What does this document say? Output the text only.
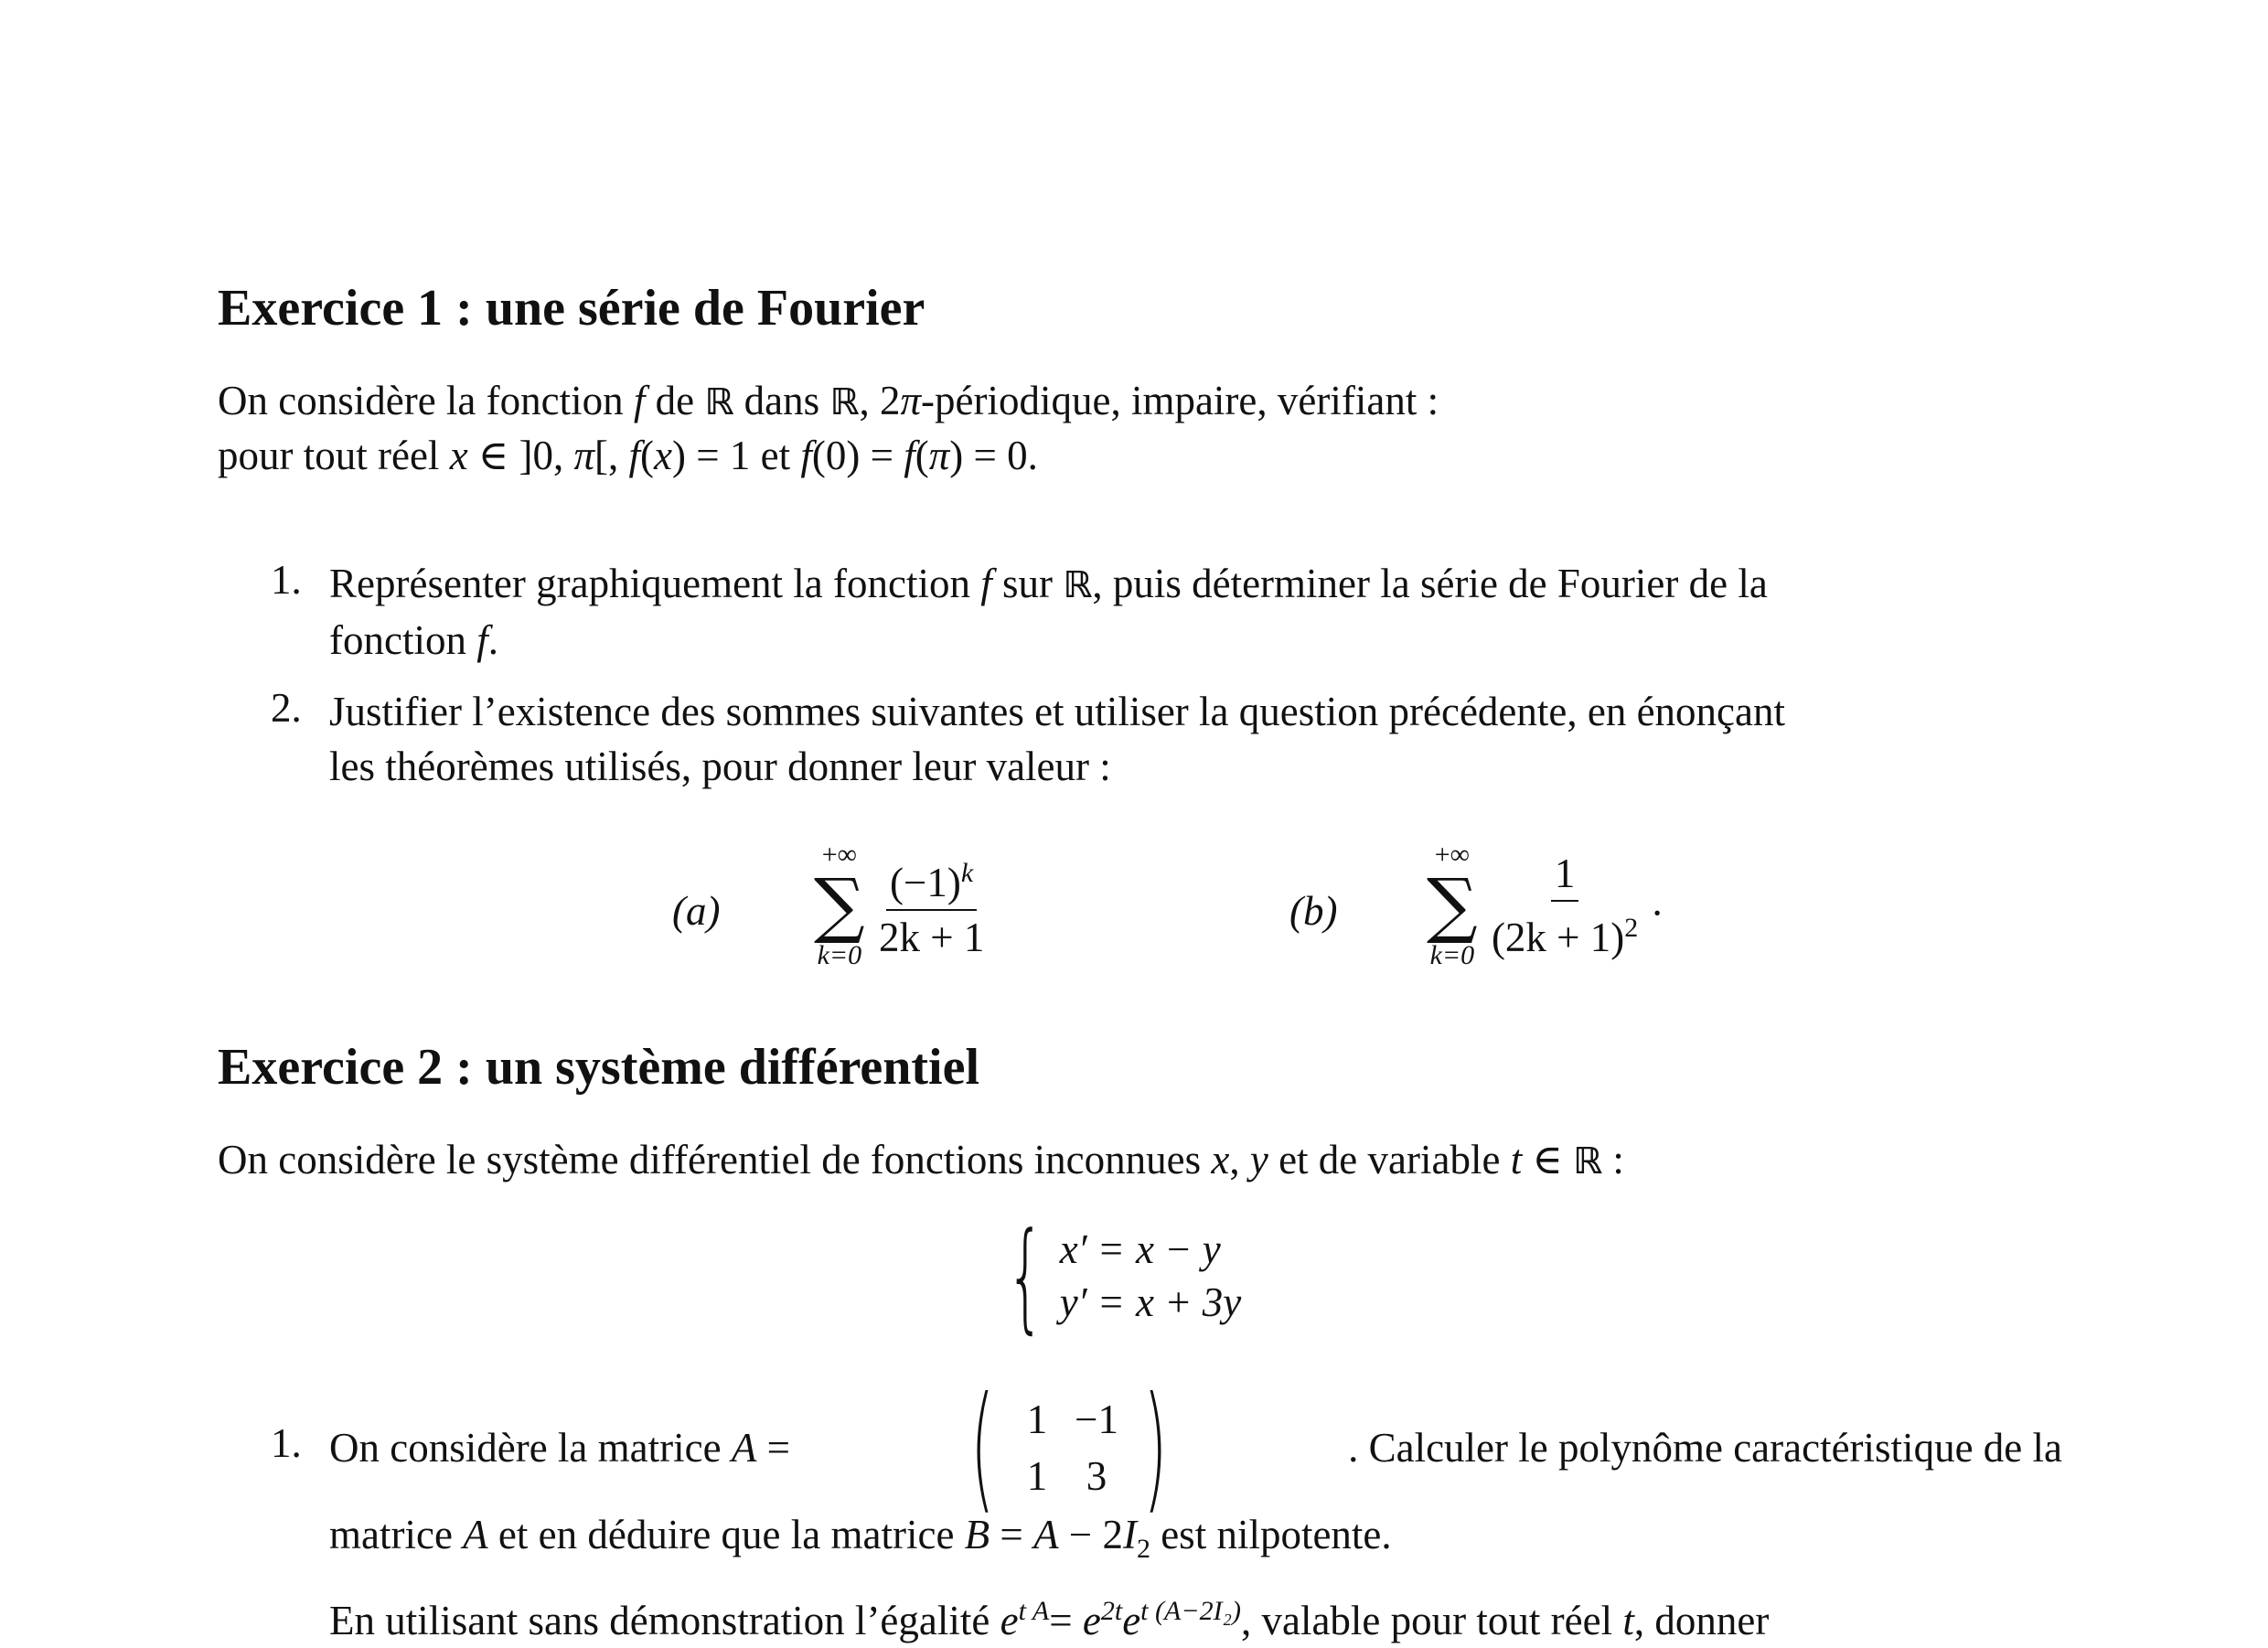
Exercice 1 : une série de Fourier
On considère la fonction f de ℝ dans ℝ, 2π-périodique, impaire, vérifiant :
pour tout réel x ∈ ]0, π[, f(x) = 1 et f(0) = f(π) = 0.
1. Représenter graphiquement la fonction f sur ℝ, puis déterminer la série de Fourier de la
fonction f.
2. Justifier l’existence des sommes suivantes et utiliser la question précédente, en énonçant
les théorèmes utilisés, pour donner leur valeur :
(a)
+∞
∑
k=0
$\frac{(-1)^k}{2k + 1}$	(b)
+∞
∑
k=0
$\frac{1}{(2k + 1)^2}$ .
Exercice 2 : un système différentiel
On considère le système différentiel de fonctions inconnues x, y et de variable t ∈ ℝ :
{ x′ = x − y
y′ = x + 3y
1. On considère la matrice A = ( 1 −1
1 3 )	. Calculer le polynôme caractéristique de la
matrice A et en déduire que la matrice $B = A - 2I_2$ est nilpotente.
En utilisant sans démonstration l’égalité $e^{t A}= e^{2t}e^{t (A-2I_2)}$, valable pour tout réel t, donner
